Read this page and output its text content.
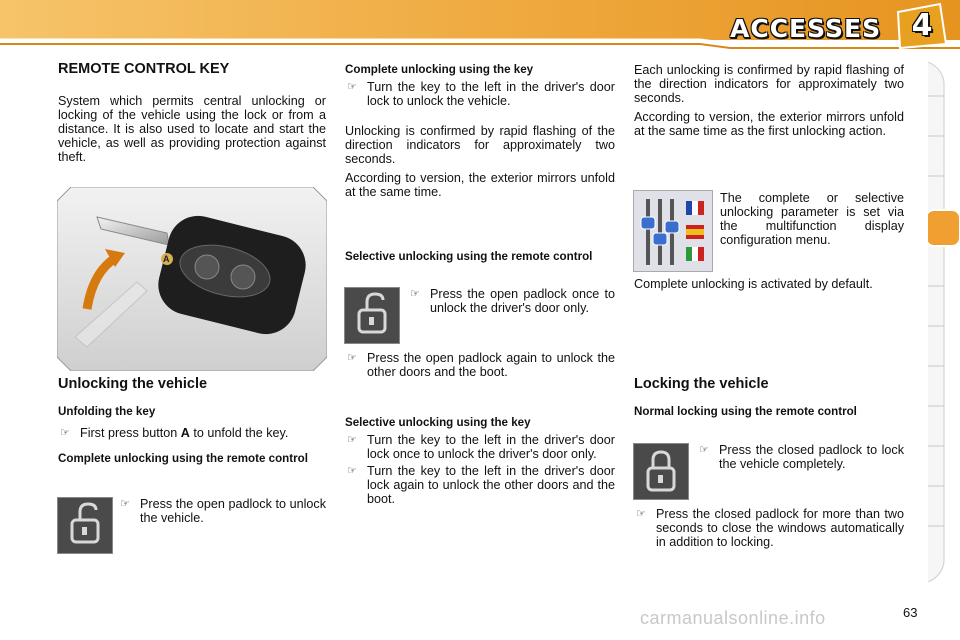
ACCESSES 4
REMOTE CONTROL KEY

System which permits central unlocking or locking of the vehicle using the lock or from a distance. It is also used to locate and start the vehicle, as well as providing protection against theft.

A
Unlocking the vehicle
Unfolding the key
☞ First press button A to unfold the key.
Complete unlocking using the remote control
☞ Press the open padlock to unlock the vehicle.
Complete unlocking using the key
☞ Turn the key to the left in the driver's door lock to unlock the vehicle.

Unlocking is confirmed by rapid flashing of the direction indicators for approximately two seconds.

According to version, the exterior mirrors unfold at the same time.

Selective unlocking using the remote control
☞ Press the open padlock once to unlock the driver's door only.
☞ Press the open padlock again to unlock the other doors and the boot.
Selective unlocking using the key
☞ Turn the key to the left in the driver's door lock once to unlock the driver's door only.
☞ Turn the key to the left in the driver's door lock again to unlock the other doors and the boot.

Each unlocking is confirmed by rapid flashing of the direction indicators for approximately two seconds.

According to version, the exterior mirrors unfold at the same time as the first unlocking action.

The complete or selective unlocking parameter is set via the multifunction display configuration menu.

Complete unlocking is activated by default.

Locking the vehicle
Normal locking using the remote control
☞ Press the closed padlock to lock the vehicle completely.
☞ Press the closed padlock for more than two seconds to close the windows automatically in addition to locking.
carmanualsonline.info	63
